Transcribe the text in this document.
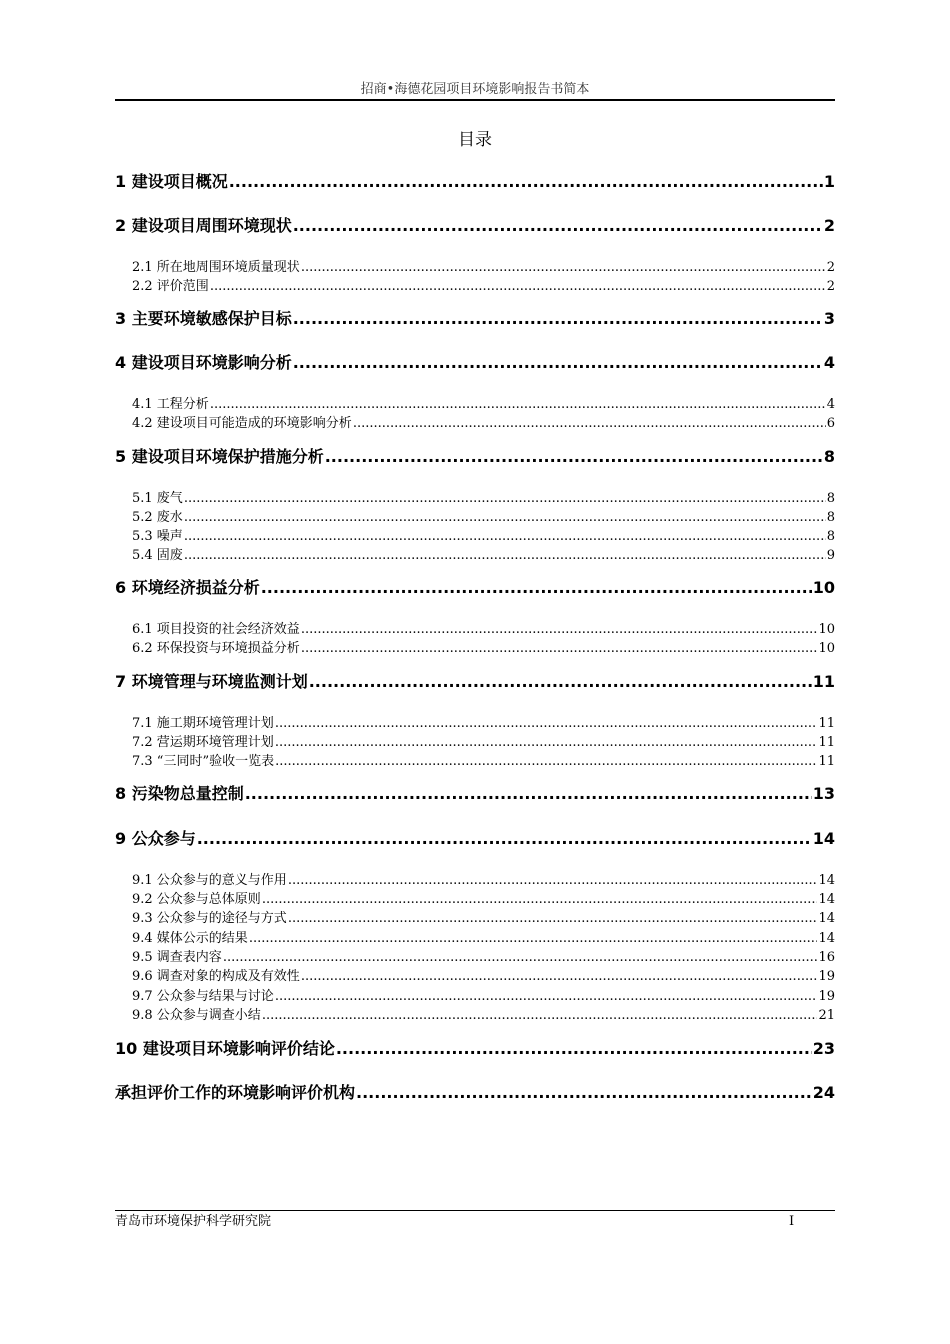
招商•海德花园项目环境影响报告书简本
目录
1 建设项目概况 .....	1
2 建设项目周围环境现状 .....	2
2.1 所在地周围环境质量现状 .....	2
2.2 评价范围 .....	2
3 主要环境敏感保护目标 .....	3
4 建设项目环境影响分析 .....	4
4.1 工程分析 .....	4
4.2 建设项目可能造成的环境影响分析 .....	6
5 建设项目环境保护措施分析 .....	8
5.1 废气 .....	8
5.2 废水 .....	8
5.3 噪声 .....	8
5.4 固废 .....	9
6 环境经济损益分析 .....	10
6.1 项目投资的社会经济效益 .....	10
6.2 环保投资与环境损益分析 .....	10
7 环境管理与环境监测计划 .....	11
7.1 施工期环境管理计划 .....	11
7.2 营运期环境管理计划 .....	11
7.3 “三同时”验收一览表 .....	11
8 污染物总量控制 .....	13
9 公众参与 .....	14
9.1 公众参与的意义与作用 .....	14
9.2 公众参与总体原则 .....	14
9.3 公众参与的途径与方式 .....	14
9.4 媒体公示的结果 .....	14
9.5 调查表内容 .....	16
9.6 调查对象的构成及有效性 .....	19
9.7 公众参与结果与讨论 .....	19
9.8 公众参与调查小结 .....	21
10 建设项目环境影响评价结论 .....	23
承担评价工作的环境影响评价机构 .....	24
青岛市环境保护科学研究院	I
